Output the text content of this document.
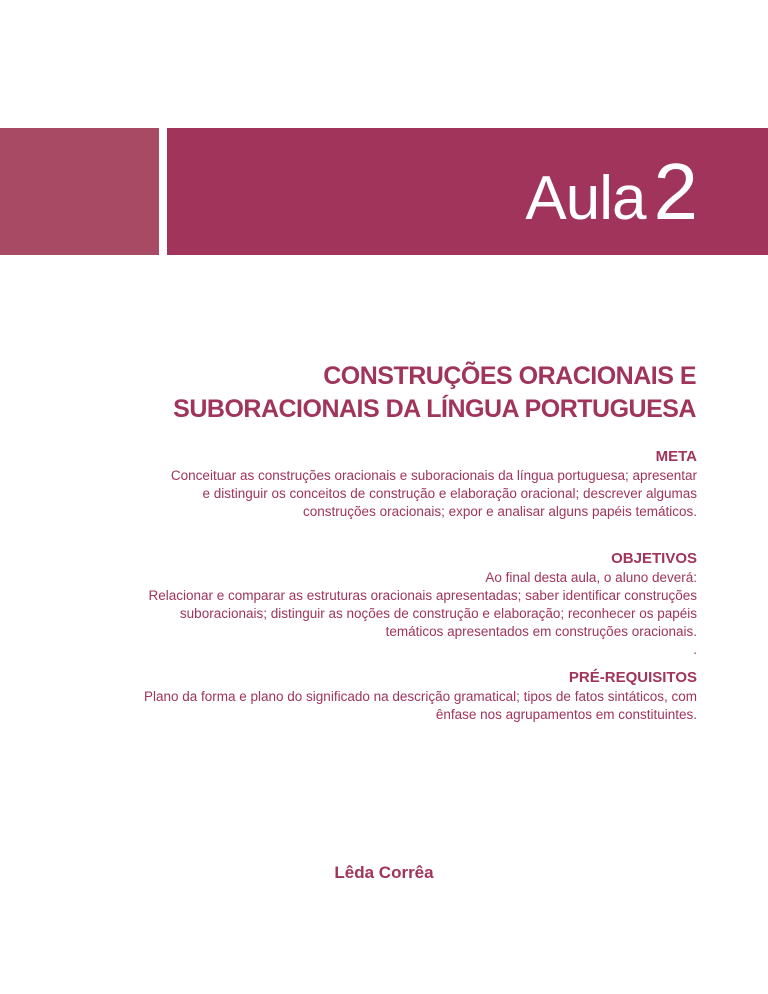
Aula 2
CONSTRUÇÕES ORACIONAIS E
SUBORACIONAIS DA LÍNGUA PORTUGUESA
META
Conceituar as construções oracionais e suboracionais da língua portuguesa; apresentar
e distinguir os conceitos de construção e elaboração oracional; descrever algumas
construções oracionais; expor e analisar alguns papéis temáticos.
OBJETIVOS
Ao final desta aula, o aluno deverá:
Relacionar e comparar as estruturas oracionais apresentadas; saber identificar construções
suboracionais; distinguir as noções de construção e elaboração; reconhecer os papéis
temáticos apresentados em construções oracionais.
.
PRÉ-REQUISITOS
Plano da forma e plano do significado na descrição gramatical; tipos de fatos sintáticos, com
ênfase nos agrupamentos em constituintes.
Lêda Corrêa
